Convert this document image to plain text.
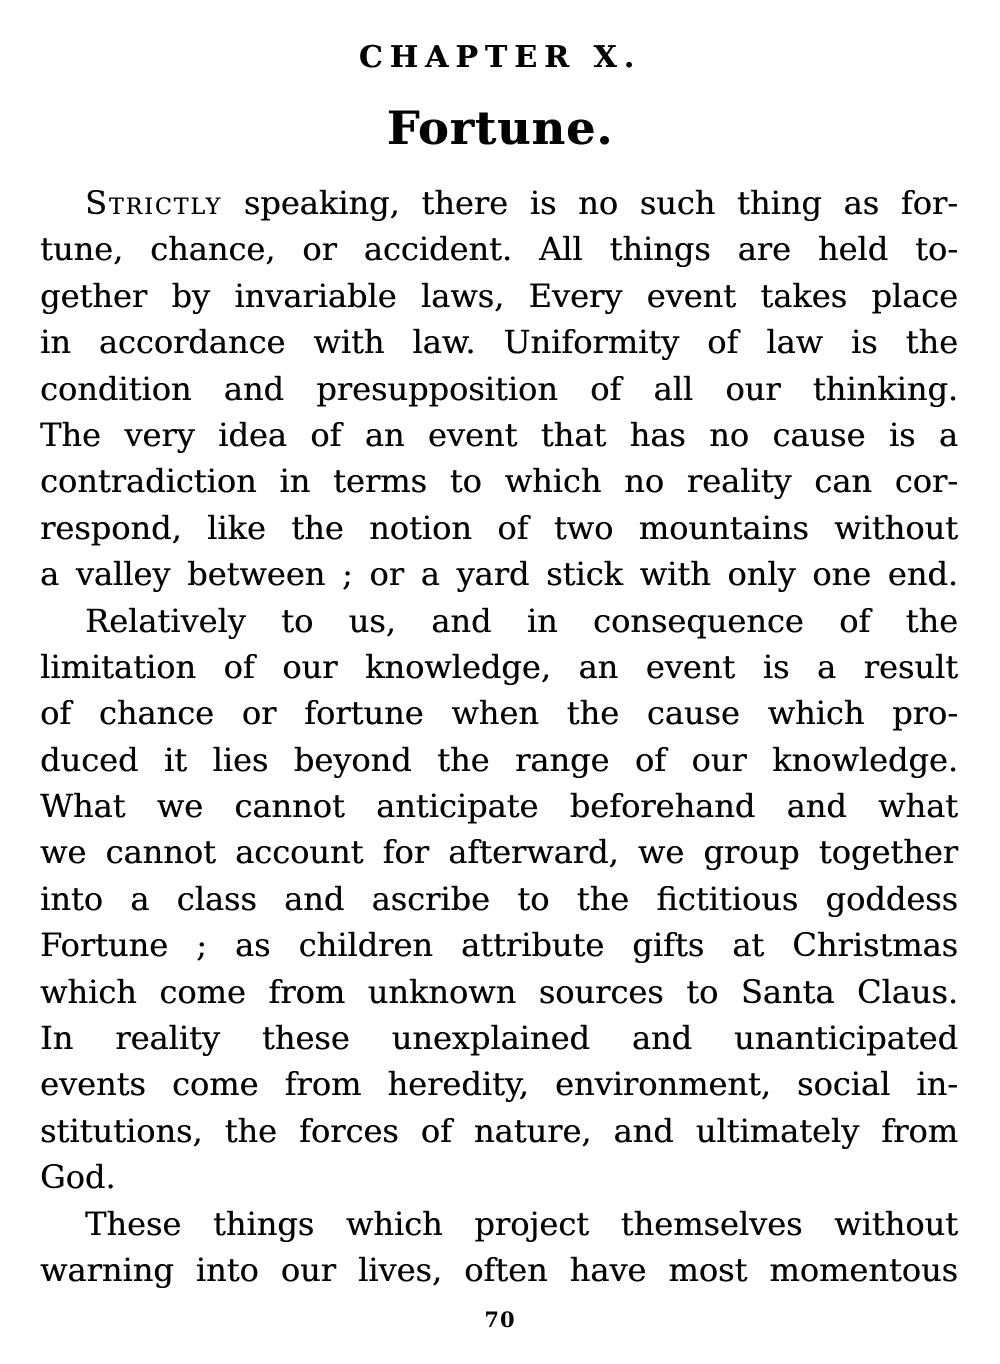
CHAPTER X.
Fortune.
Strictly speaking, there is no such thing as for-
tune, chance, or accident. All things are held to-
gether by invariable laws, Every event takes place
in accordance with law. Uniformity of law is the
condition and presupposition of all our thinking.
The very idea of an event that has no cause is a
contradiction in terms to which no reality can cor-
respond, like the notion of two mountains without
a valley between ; or a yard stick with only one end.
Relatively to us, and in consequence of the
limitation of our knowledge, an event is a result
of chance or fortune when the cause which pro-
duced it lies beyond the range of our knowledge.
What we cannot anticipate beforehand and what
we cannot account for afterward, we group together
into a class and ascribe to the fictitious goddess
Fortune ; as children attribute gifts at Christmas
which come from unknown sources to Santa Claus.
In reality these unexplained and unanticipated
events come from heredity, environment, social in-
stitutions, the forces of nature, and ultimately from
God.
These things which project themselves without
warning into our lives, often have most momentous
70
